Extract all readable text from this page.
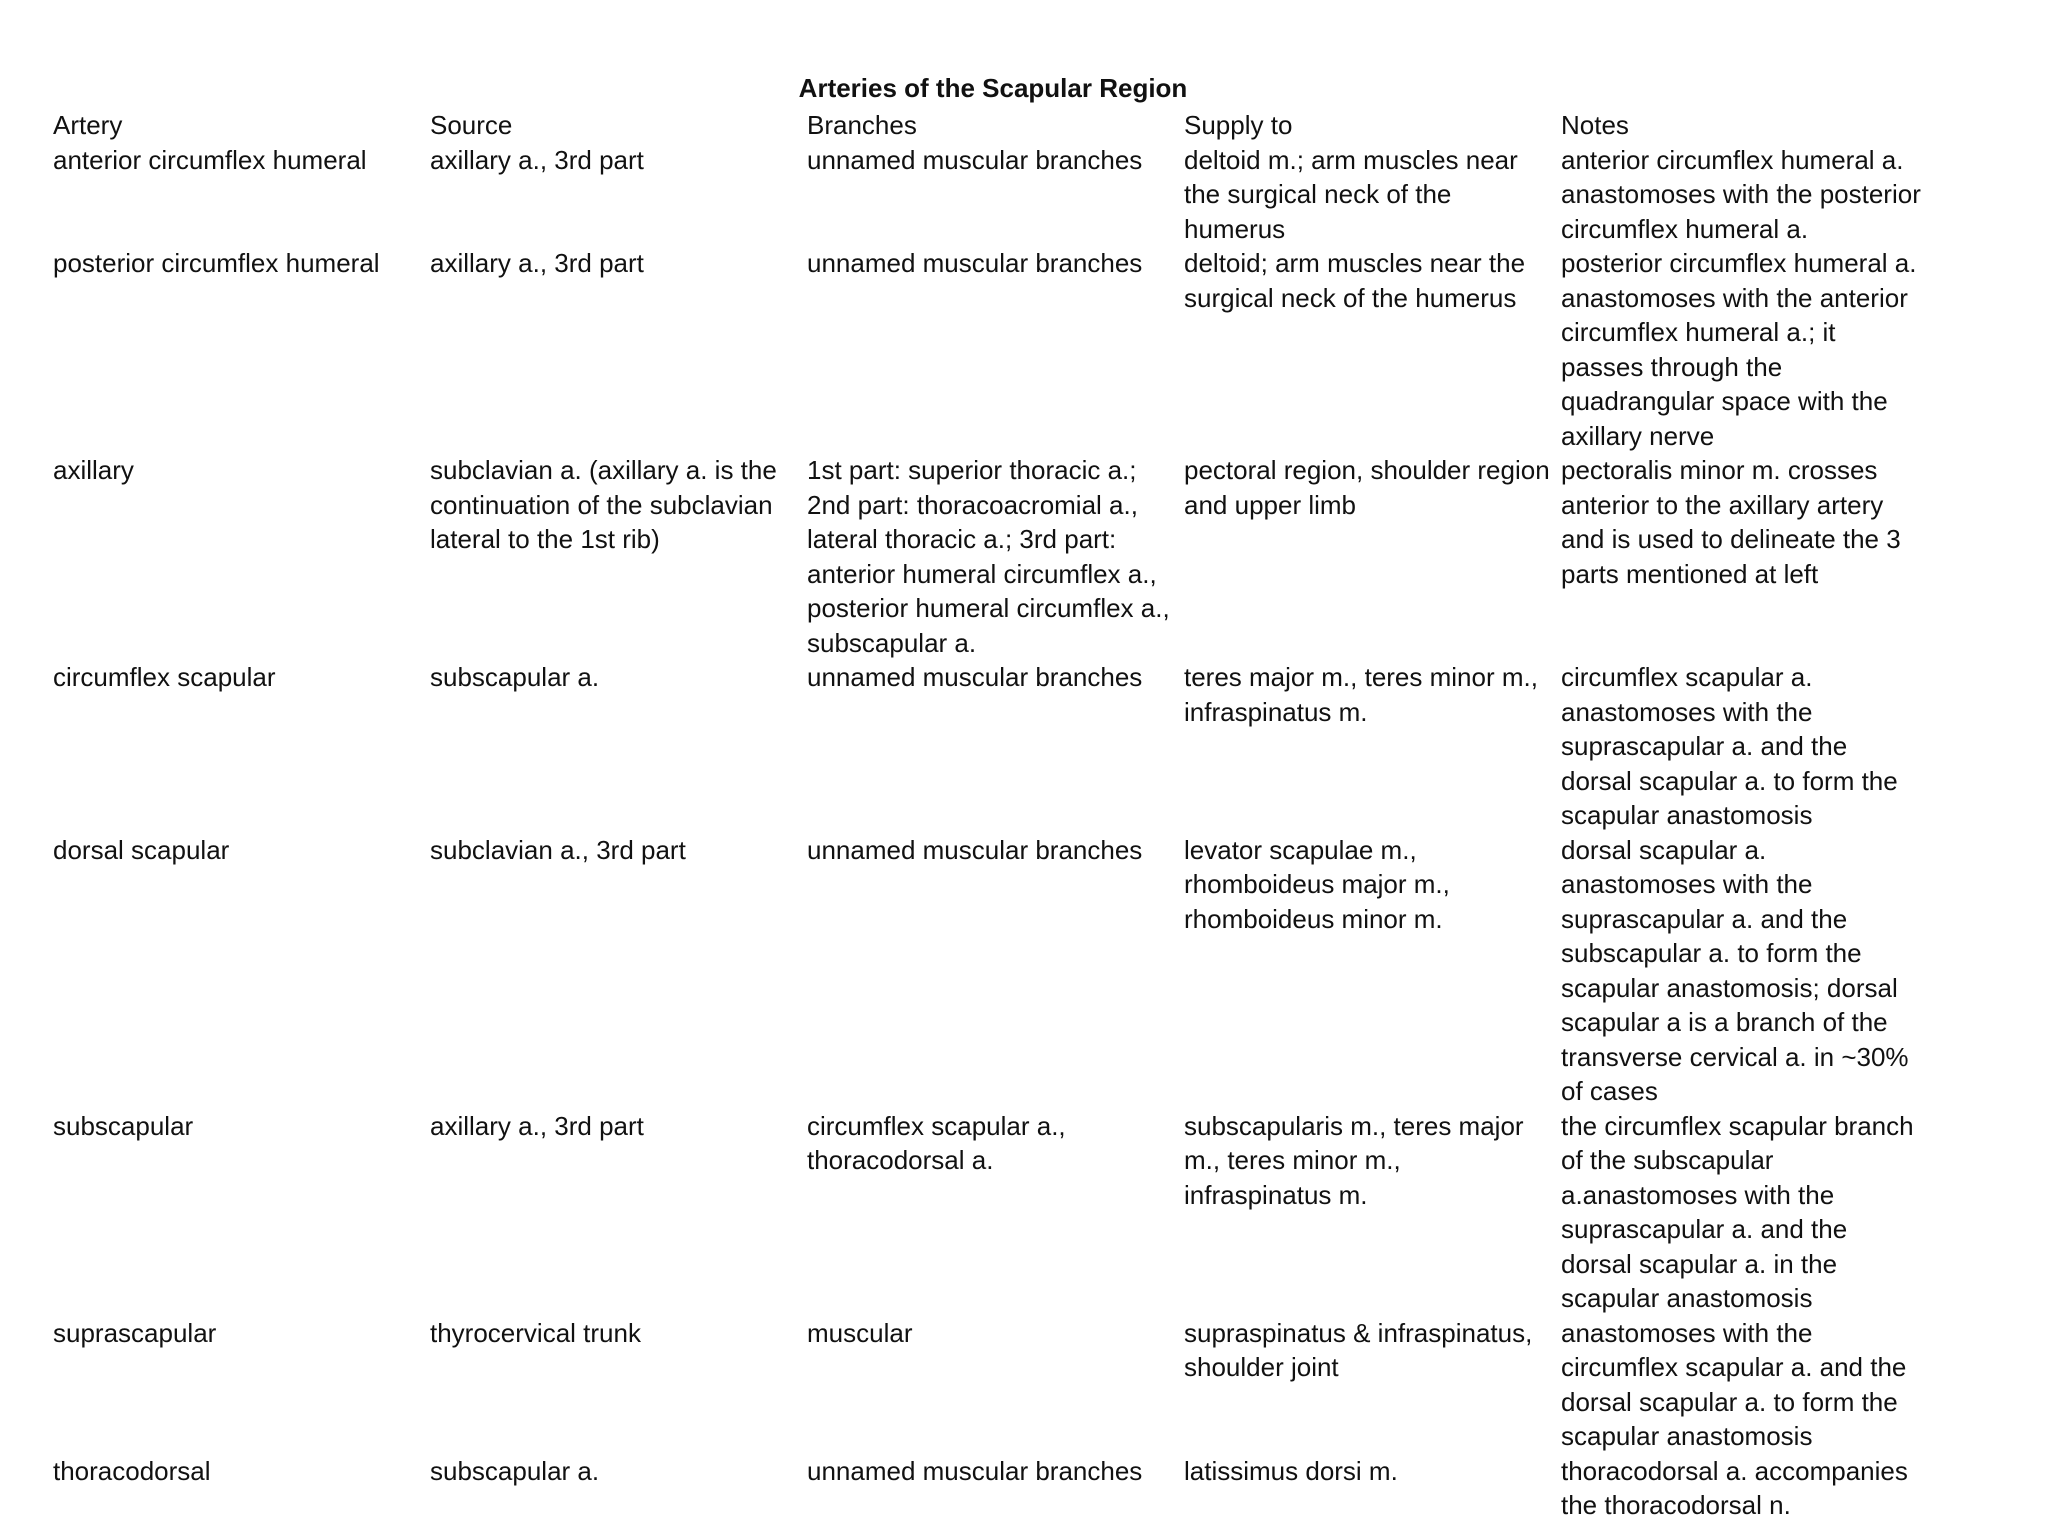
Arteries of the Scapular Region
Artery	Source	Branches	Supply to	Notes
anterior circumflex humeral	axillary a., 3rd part	unnamed muscular branches	deltoid m.; arm muscles near the surgical neck of the humerus	anterior circumflex humeral a. anastomoses with the posterior circumflex humeral a.
posterior circumflex humeral	axillary a., 3rd part	unnamed muscular branches	deltoid; arm muscles near the surgical neck of the humerus	posterior circumflex humeral a. anastomoses with the anterior circumflex humeral a.; it passes through the quadrangular space with the axillary nerve
axillary	subclavian a. (axillary a. is the continuation of the subclavian lateral to the 1st rib)	1st part: superior thoracic a.; 2nd part: thoracoacromial a., lateral thoracic a.; 3rd part: anterior humeral circumflex a., posterior humeral circumflex a., subscapular a.	pectoral region, shoulder region and upper limb	pectoralis minor m. crosses anterior to the axillary artery and is used to delineate the 3 parts mentioned at left
circumflex scapular	subscapular a.	unnamed muscular branches	teres major m., teres minor m., infraspinatus m.	circumflex scapular a. anastomoses with the suprascapular a. and the dorsal scapular a. to form the scapular anastomosis
dorsal scapular	subclavian a., 3rd part	unnamed muscular branches	levator scapulae m., rhomboideus major m., rhomboideus minor m.	dorsal scapular a. anastomoses with the suprascapular a. and the subscapular a. to form the scapular anastomosis; dorsal scapular a is a branch of the transverse cervical a. in ~30% of cases
subscapular	axillary a., 3rd part	circumflex scapular a., thoracodorsal a.	subscapularis m., teres major m., teres minor m., infraspinatus m.	the circumflex scapular branch of the subscapular a.anastomoses with the suprascapular a. and the dorsal scapular a. in the scapular anastomosis
suprascapular	thyrocervical trunk	muscular	supraspinatus & infraspinatus, shoulder joint	anastomoses with the circumflex scapular a. and the dorsal scapular a. to form the scapular anastomosis
thoracodorsal	subscapular a.	unnamed muscular branches	latissimus dorsi m.	thoracodorsal a. accompanies the thoracodorsal n.
